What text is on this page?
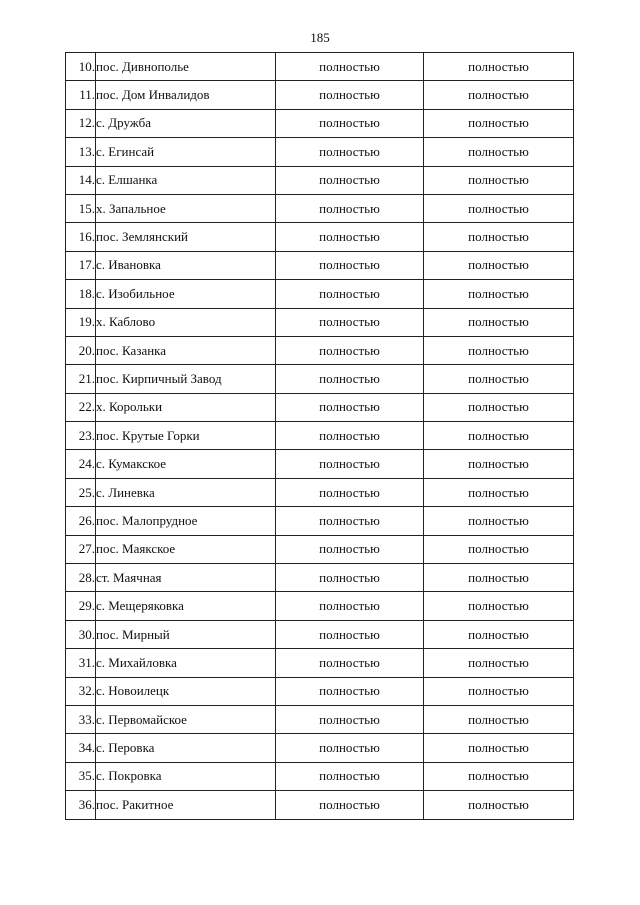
185
10.	пос. Дивнополье	полностью	полностью
11.	пос. Дом Инвалидов	полностью	полностью
12.	с. Дружба	полностью	полностью
13.	с. Егинсай	полностью	полностью
14.	с. Елшанка	полностью	полностью
15.	х. Запальное	полностью	полностью
16.	пос. Землянский	полностью	полностью
17.	с. Ивановка	полностью	полностью
18.	с. Изобильное	полностью	полностью
19.	х. Каблово	полностью	полностью
20.	пос. Казанка	полностью	полностью
21.	пос. Кирпичный Завод	полностью	полностью
22.	х. Корольки	полностью	полностью
23.	пос. Крутые Горки	полностью	полностью
24.	с. Кумакское	полностью	полностью
25.	с. Линевка	полностью	полностью
26.	пос. Малопрудное	полностью	полностью
27.	пос. Маякское	полностью	полностью
28.	ст. Маячная	полностью	полностью
29.	с. Мещеряковка	полностью	полностью
30.	пос. Мирный	полностью	полностью
31.	с. Михайловка	полностью	полностью
32.	с. Новоилецк	полностью	полностью
33.	с. Первомайское	полностью	полностью
34.	с. Перовка	полностью	полностью
35.	с. Покровка	полностью	полностью
36.	пос. Ракитное	полностью	полностью
